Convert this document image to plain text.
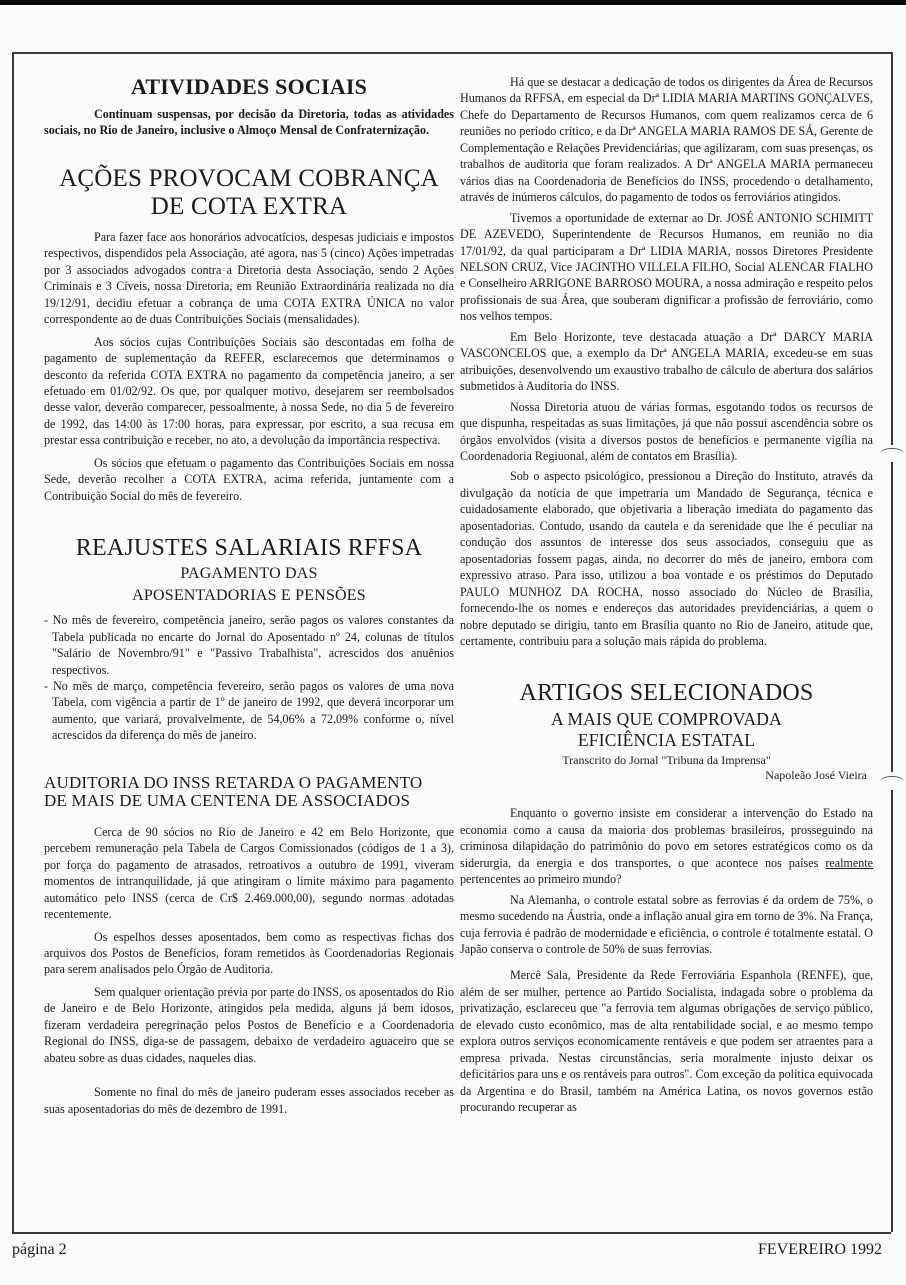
ATIVIDADES SOCIAIS

Continuam suspensas, por decisão da Diretoria, todas as atividades sociais, no Rio de Janeiro, inclusive o Almoço Mensal de Confraternização.

AÇÕES PROVOCAM COBRANÇA
DE COTA EXTRA

Para fazer face aos honorários advocatícios, despesas judiciais e impostos respectivos, dispendidos pela Associação, até agora, nas 5 (cinco) Ações impetradas por 3 associados advogados contra a Diretoria desta Associação, sendo 2 Ações Criminais e 3 Cíveis, nossa Diretoria, em Reunião Extraordinária realizada no dia 19/12/91, decidiu efetuar a cobrança de uma COTA EXTRA ÚNICA no valor correspondente ao de duas Contribuições Sociais (mensalidades).

Aos sócios cujas Contribuições Sociais são descontadas em folha de pagamento de suplementação da REFER, esclarecemos que determinamos o desconto da referida COTA EXTRA no pagamento da competência janeiro, a ser efetuado em 01/02/92. Os que, por qualquer motivo, desejarem ser reembolsados desse valor, deverão comparecer, pessoalmente, à nossa Sede, no dia 5 de fevereiro de 1992, das 14:00 às 17:00 horas, para expressar, por escrito, a sua recusa em prestar essa contribuição e receber, no ato, a devolução da importância respectiva.

Os sócios que efetuam o pagamento das Contribuições Sociais em nossa Sede, deverão recolher a COTA EXTRA, acima referida, juntamente com a Contribuição Social do mês de fevereiro.

REAJUSTES SALARIAIS RFFSA
PAGAMENTO DAS
APOSENTADORIAS E PENSÕES

- No mês de fevereiro, competência janeiro, serão pagos os valores constantes da Tabela publicada no encarte do Jornal do Aposentado nº 24, colunas de títulos "Salário de Novembro/91" e "Passivo Trabalhista", acrescidos dos anuênios respectivos.

- No mês de março, competência fevereiro, serão pagos os valores de uma nova Tabela, com vigência a partir de 1º de janeiro de 1992, que deverá incorporar um aumento, que variará, provalvelmente, de 54,06% a 72,09% conforme o, nível acrescidos da diferença do mês de janeiro.

AUDITORIA DO INSS RETARDA O PAGAMENTO
DE MAIS DE UMA CENTENA DE ASSOCIADOS

Cerca de 90 sócios no Rio de Janeiro e 42 em Belo Horizonte, que percebem remuneração pela Tabela de Cargos Comissionados (códigos de 1 a 3), por força do pagamento de atrasados, retroativos a outubro de 1991, viveram momentos de intranquilidade, já que atingiram o limite máximo para pagamento automático pelo INSS (cerca de Cr$ 2.469.000,00), segundo normas adotadas recentemente.

Os espelhos desses aposentados, bem como as respectivas fichas dos arquivos dos Postos de Benefícios, foram remetidos às Coordenadorias Regionais para serem analisados pelo Órgão de Auditoria.

Sem qualquer orientação prévia por parte do INSS, os aposentados do Rio de Janeiro e de Belo Horizonte, atingidos pela medida, alguns já bem idosos, fizeram verdadeira peregrinação pelos Postos de Benefício e a Coordenadoria Regional do INSS, diga-se de passagem, debaixo de verdadeiro aguaceiro que se abateu sobre as duas cidades, naqueles dias.

Somente no final do mês de janeiro puderam esses associados receber as suas aposentadorias do mês de dezembro de 1991.

Há que se destacar a dedicação de todos os dirigentes da Área de Recursos Humanos da RFFSA, em especial da Drª LIDIA MARIA MARTINS GONÇALVES, Chefe do Departamento de Recursos Humanos, com quem realizamos cerca de 6 reuniões no período crítico, e da Drª ANGELA MARIA RAMOS DE SÁ, Gerente de Complementação e Relações Previdenciárias, que agilizaram, com suas presenças, os trabalhos de auditoria que foram realizados. A Drª ANGELA MARIA permaneceu vários dias na Coordenadoria de Benefícios do INSS, procedendo o detalhamento, através de inúmeros cálculos, do pagamento de todos os ferroviários atingidos.

Tivemos a oportunidade de externar ao Dr. JOSÉ ANTONIO SCHIMITT DE AZEVEDO, Superintendente de Recursos Humanos, em reunião no dia 17/01/92, da qual participaram a Drª LIDIA MARIA, nossos Diretores Presidente NELSON CRUZ, Vice JACINTHO VILLELA FILHO, Social ALENCAR FIALHO e Conselheiro ARRIGONE BARROSO MOURA, a nossa admiração e respeito pelos profissionais de sua Área, que souberam dignificar a profissão de ferroviário, como nos velhos tempos.

Em Belo Horizonte, teve destacada atuação a Drª DARCY MARIA VASCONCELOS que, a exemplo da Drª ANGELA MARIA, excedeu-se em suas atribuições, desenvolvendo um exaustivo trabalho de cálculo de abertura dos salários submetidos à Auditoria do INSS.

Nossa Diretoria atuou de várias formas, esgotando todos os recursos de que dispunha, respeitadas as suas limitações, já que não possui ascendência sobre os órgãos envolvidos (visita a diversos postos de benefícios e permanente vigília na Coordenadoria Regiuonal, além de contatos em Brasília).

Sob o aspecto psicológico, pressionou a Direção do Instituto, através da divulgação da notícia de que impetraria um Mandado de Segurança, técnica e cuidadosamente elaborado, que objetivaria a liberação imediata do pagamento das aposentadorias. Contudo, usando da cautela e da serenidade que lhe é peculiar na condução dos assuntos de interesse dos seus associados, conseguiu que as aposentadorias fossem pagas, ainda, no decorrer do mês de janeiro, embora com expressivo atraso. Para isso, utilizou a boa vontade e os préstimos do Deputado PAULO MUNHOZ DA ROCHA, nosso associado do Núcleo de Brasília, fornecendo-lhe os nomes e endereços das autoridades previdenciárias, a quem o nobre deputado se dirigiu, tanto em Brasília quanto no Rio de Janeiro, atitude que, certamente, contribuiu para a solução mais rápida do problema.

ARTIGOS SELECIONADOS
A MAIS QUE COMPROVADA
EFICIÊNCIA ESTATAL

Transcrito do Jornal "Tribuna da Imprensa"

Napoleão José Vieira

Enquanto o governo insiste em considerar a intervenção do Estado na economia como a causa da maioria dos problemas brasileiros, prosseguindo na criminosa dilapidação do patrimônio do povo em setores estratégicos como os da siderurgia, da energia e dos transportes, o que acontece nos países realmente pertencentes ao primeiro mundo?

Na Alemanha, o controle estatal sobre as ferrovias é da ordem de 75%, o mesmo sucedendo na Áustria, onde a inflação anual gira em torno de 3%. Na França, cuja ferrovia é padrão de modernidade e eficiência, o controle é totalmente estatal. O Japão conserva o controle de 50% de suas ferrovias.

Mercê Sala, Presidente da Rede Ferroviária Espanhola (RENFE), que, além de ser mulher, pertence ao Partido Socialista, indagada sobre o problema da privatização, esclareceu que "a ferrovia tem algumas obrigações de serviço público, de elevado custo econômico, mas de alta rentabilidade social, e ao mesmo tempo explora outros serviços economicamente rentáveis e que podem ser atraentes para a empresa privada. Nestas circunstâncias, seria moralmente injusto deixar os deficitários para uns e os rentáveis para outros". Com exceção da política equivocada da Argentina e do Brasil, também na América Latina, os novos governos estão procurando recuperar as

página 2	FEVEREIRO 1992
